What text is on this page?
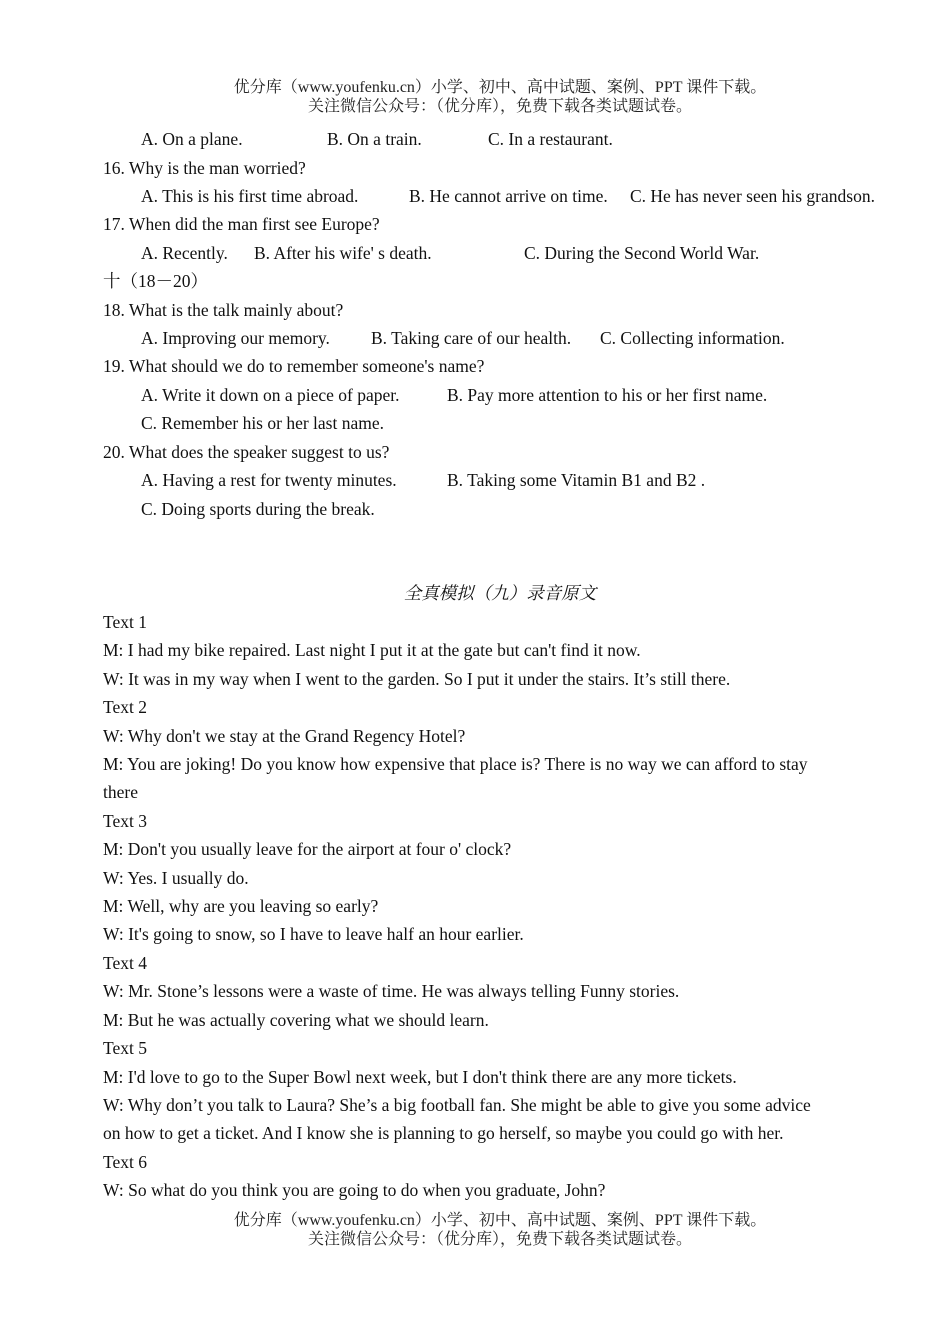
优分库（www.youfenku.cn）小学、初中、高中试题、案例、PPT 课件下载。
关注微信公众号：（优分库），免费下载各类试题试卷。
A. On a plane.	B. On a train.	C. In a restaurant.
16. Why is the man worried?
A. This is his first time abroad.	B. He cannot arrive on time. C. He has never seen his grandson.
17. When did the man first see Europe?
A. Recently. B. After his wife' s death.	C. During the Second World War.
十（18－20）
18. What is the talk mainly about?
A. Improving our memory. B. Taking care of our health. C. Collecting information.
19. What should we do to remember someone's name?
A. Write it down on a piece of paper.	B. Pay more attention to his or her first name.
C. Remember his or her last name.
20. What does the speaker suggest to us?
A. Having a rest for twenty minutes.	B. Taking some Vitamin B1 and B2 .
C. Doing sports during the break.
全真模拟（九）录音原文
Text 1
M: I had my bike repaired. Last night I put it at the gate but can't find it now.
W: It was in my way when I went to the garden. So I put it under the stairs. It’s still there.
Text 2
W: Why don't we stay at the Grand Regency Hotel?
M: You are joking! Do you know how expensive that place is? There is no way we can afford to stay
there
Text 3
M: Don't you usually leave for the airport at four o' clock?
W: Yes. I usually do.
M: Well, why are you leaving so early?
W: It's going to snow, so I have to leave half an hour earlier.
Text 4
W: Mr. Stone’s lessons were a waste of time. He was always telling Funny stories.
M: But he was actually covering what we should learn.
Text 5
M: I'd love to go to the Super Bowl next week, but I don't think there are any more tickets.
W: Why don’t you talk to Laura? She’s a big football fan. She might be able to give you some advice
on how to get a ticket. And I know she is planning to go herself, so maybe you could go with her.
Text 6
W: So what do you think you are going to do when you graduate, John?
优分库（www.youfenku.cn）小学、初中、高中试题、案例、PPT 课件下载。
关注微信公众号：（优分库），免费下载各类试题试卷。
